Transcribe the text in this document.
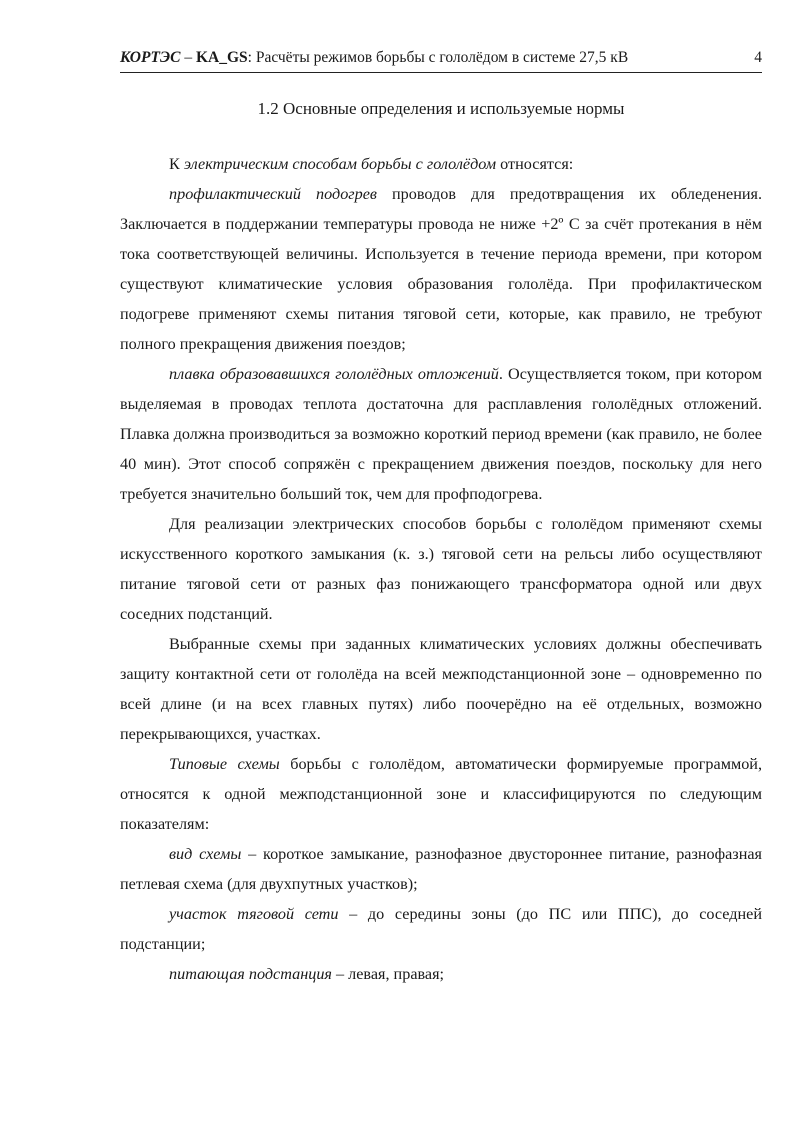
КОРТЭС – KA_GS: Расчёты режимов борьбы с гололёдом в системе 27,5 кВ	4
1.2 Основные определения и используемые нормы

К электрическим способам борьбы с гололёдом относятся:

профилактический подогрев проводов для предотвращения их обледенения. Заключается в поддержании температуры провода не ниже +2º С за счёт протекания в нём тока соответствующей величины. Используется в течение периода времени, при котором существуют климатические условия образования гололёда. При профилактическом подогреве применяют схемы питания тяговой сети, которые, как правило, не требуют полного прекращения движения поездов;

плавка образовавшихся гололёдных отложений. Осуществляется током, при котором выделяемая в проводах теплота достаточна для расплавления гололёдных отложений. Плавка должна производиться за возможно короткий период времени (как правило, не более 40 мин). Этот способ сопряжён с прекращением движения поездов, поскольку для него требуется значительно больший ток, чем для профподогрева.

Для реализации электрических способов борьбы с гололёдом применяют схемы искусственного короткого замыкания (к. з.) тяговой сети на рельсы либо осуществляют питание тяговой сети от разных фаз понижающего трансформатора одной или двух соседних подстанций.

Выбранные схемы при заданных климатических условиях должны обеспечивать защиту контактной сети от гололёда на всей межподстанционной зоне – одновременно по всей длине (и на всех главных путях) либо поочерёдно на её отдельных, возможно перекрывающихся, участках.

Типовые схемы борьбы с гололёдом, автоматически формируемые программой, относятся к одной межподстанционной зоне и классифицируются по следующим показателям:

вид схемы – короткое замыкание, разнофазное двустороннее питание, разнофазная петлевая схема (для двухпутных участков);

участок тяговой сети – до середины зоны (до ПС или ППС), до соседней подстанции;

питающая подстанция – левая, правая;
